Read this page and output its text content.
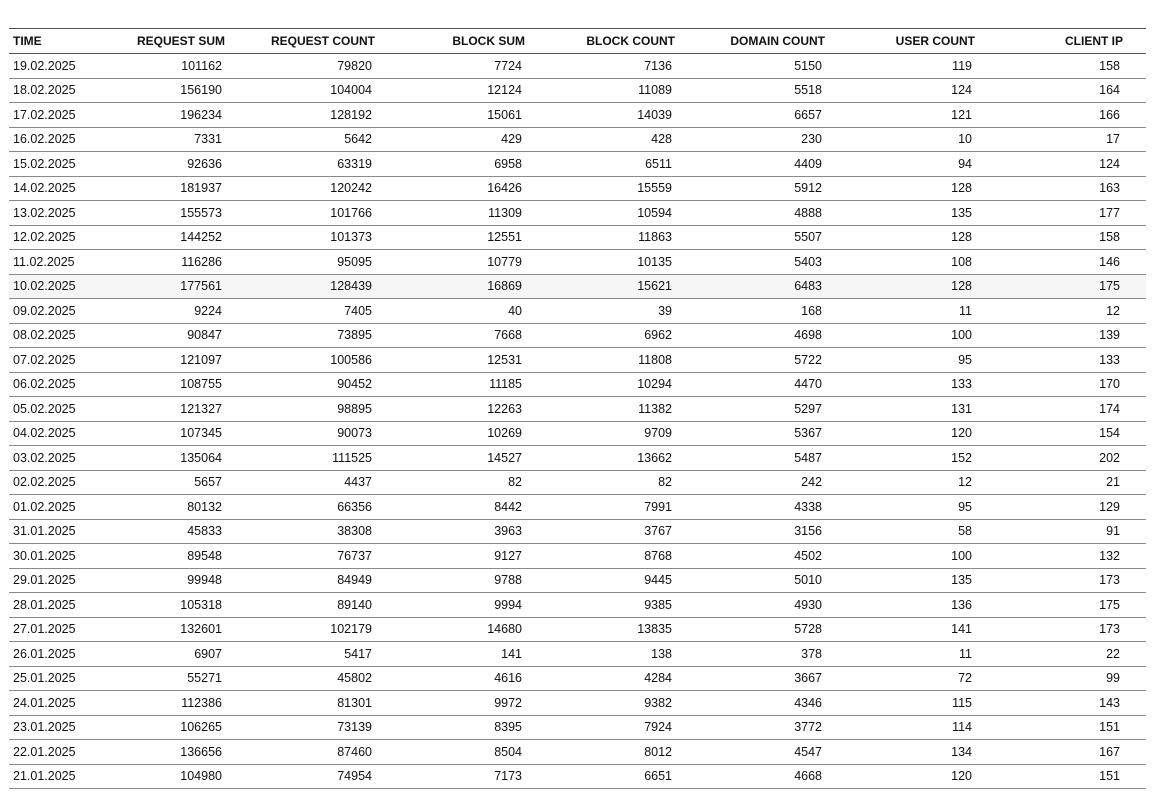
TIME	REQUEST SUM	REQUEST COUNT	BLOCK SUM	BLOCK COUNT	DOMAIN COUNT	USER COUNT	CLIENT IP
19.02.2025	101162	79820	7724	7136	5150	119	158
18.02.2025	156190	104004	12124	11089	5518	124	164
17.02.2025	196234	128192	15061	14039	6657	121	166
16.02.2025	7331	5642	429	428	230	10	17
15.02.2025	92636	63319	6958	6511	4409	94	124
14.02.2025	181937	120242	16426	15559	5912	128	163
13.02.2025	155573	101766	11309	10594	4888	135	177
12.02.2025	144252	101373	12551	11863	5507	128	158
11.02.2025	116286	95095	10779	10135	5403	108	146
10.02.2025	177561	128439	16869	15621	6483	128	175
09.02.2025	9224	7405	40	39	168	11	12
08.02.2025	90847	73895	7668	6962	4698	100	139
07.02.2025	121097	100586	12531	11808	5722	95	133
06.02.2025	108755	90452	11185	10294	4470	133	170
05.02.2025	121327	98895	12263	11382	5297	131	174
04.02.2025	107345	90073	10269	9709	5367	120	154
03.02.2025	135064	111525	14527	13662	5487	152	202
02.02.2025	5657	4437	82	82	242	12	21
01.02.2025	80132	66356	8442	7991	4338	95	129
31.01.2025	45833	38308	3963	3767	3156	58	91
30.01.2025	89548	76737	9127	8768	4502	100	132
29.01.2025	99948	84949	9788	9445	5010	135	173
28.01.2025	105318	89140	9994	9385	4930	136	175
27.01.2025	132601	102179	14680	13835	5728	141	173
26.01.2025	6907	5417	141	138	378	11	22
25.01.2025	55271	45802	4616	4284	3667	72	99
24.01.2025	112386	81301	9972	9382	4346	115	143
23.01.2025	106265	73139	8395	7924	3772	114	151
22.01.2025	136656	87460	8504	8012	4547	134	167
21.01.2025	104980	74954	7173	6651	4668	120	151
